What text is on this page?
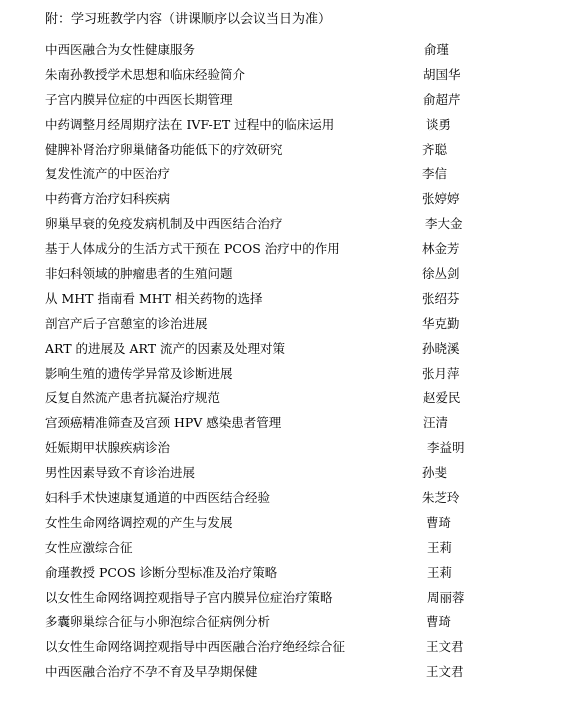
附：学习班教学内容（讲课顺序以会议当日为准）
中西医融合为女性健康服务	俞瑾
朱南孙教授学术思想和临床经验简介	胡国华
子宫内膜异位症的中西医长期管理	俞超芹
中药调整月经周期疗法在 IVF-ET 过程中的临床运用	谈勇
健脾补肾治疗卵巢储备功能低下的疗效研究	齐聪
复发性流产的中医治疗	李信
中药膏方治疗妇科疾病	张婷婷
卵巢早衰的免疫发病机制及中西医结合治疗	李大金
基于人体成分的生活方式干预在 PCOS 治疗中的作用	林金芳
非妇科领域的肿瘤患者的生殖问题	徐丛剑
从 MHT 指南看 MHT 相关药物的选择	张绍芬
剖宫产后子宫憩室的诊治进展	华克勤
ART 的进展及 ART 流产的因素及处理对策	孙晓溪
影响生殖的遗传学异常及诊断进展	张月萍
反复自然流产患者抗凝治疗规范	赵爱民
宫颈癌精准筛查及宫颈 HPV 感染患者管理	汪清
妊娠期甲状腺疾病诊治	李益明
男性因素导致不育诊治进展	孙斐
妇科手术快速康复通道的中西医结合经验	朱芝玲
女性生命网络调控观的产生与发展	曹琦
女性应激综合征	王莉
俞瑾教授 PCOS 诊断分型标准及治疗策略	王莉
以女性生命网络调控观指导子宫内膜异位症治疗策略	周丽蓉
多囊卵巢综合征与小卵泡综合征病例分析	曹琦
以女性生命网络调控观指导中西医融合治疗绝经综合征	王文君
中西医融合治疗不孕不育及早孕期保健	王文君
